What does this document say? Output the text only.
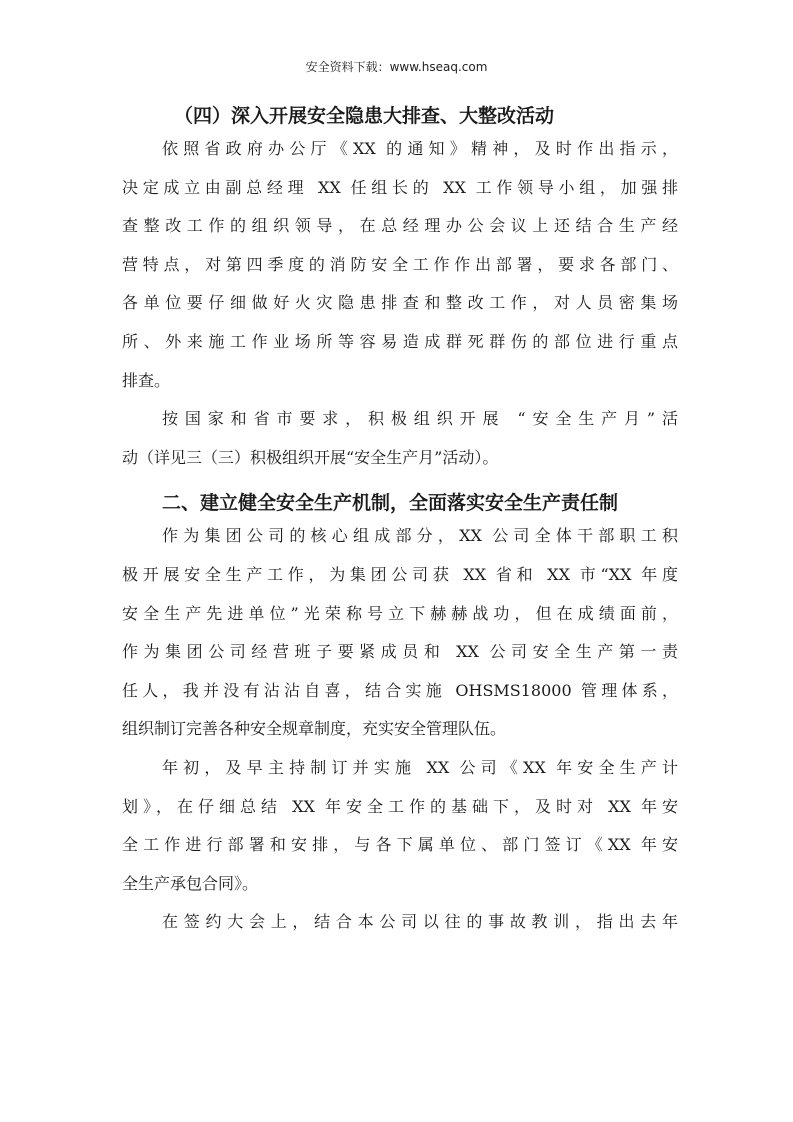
安全资料下载：www.hseaq.com
（四）深入开展安全隐患大排查、大整改活动
依照省政府办公厅《XX 的通知》精神，及时作出指示，
决定成立由副总经理 XX 任组长的 XX 工作领导小组，加强排
查整改工作的组织领导，在总经理办公会议上还结合生产经
营特点，对第四季度的消防安全工作作出部署，要求各部门、
各单位要仔细做好火灾隐患排查和整改工作，对人员密集场
所、外来施工作业场所等容易造成群死群伤的部位进行重点
排查。
按国家和省市要求，积极组织开展 “安全生产月”活
动（详见三（三）积极组织开展“安全生产月”活动）。
二、建立健全安全生产机制，全面落实安全生产责任制
作为集团公司的核心组成部分，XX 公司全体干部职工积
极开展安全生产工作，为集团公司获 XX 省和 XX 市“XX 年度
安全生产先进单位”光荣称号立下赫赫战功，但在成绩面前，
作为集团公司经营班子要紧成员和 XX 公司安全生产第一责
任人，我并没有沾沾自喜，结合实施 OHSMS18000 管理体系，
组织制订完善各种安全规章制度，充实安全管理队伍。
年初，及早主持制订并实施 XX 公司《XX 年安全生产计
划》，在仔细总结 XX 年安全工作的基础下，及时对 XX 年安
全工作进行部署和安排，与各下属单位、部门签订《XX 年安
全生产承包合同》。
在签约大会上，结合本公司以往的事故教训，指出去年
